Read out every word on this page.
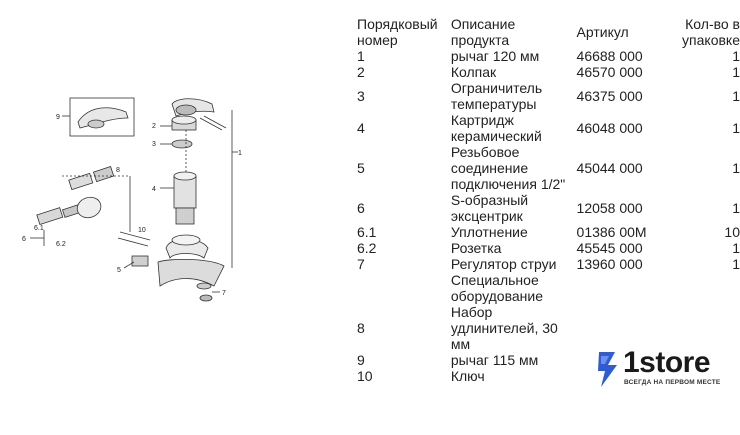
1
2
3
4
5
6
6.1
6.2
7
8
9
10
Порядковый номер	Описание продукта	Артикул	Кол-во в упаковке
1	рычаг 120 мм	46688 000	1
2	Колпак	46570 000	1
3	Ограничитель температуры	46375 000	1
4	Картридж керамический	46048 000	1
5	Резьбовое соединение подключения 1/2"	45044 000	1
6	S-образный эксцентрик	12058 000	1
6.1	Уплотнение	01386 00M	10
6.2	Розетка	45545 000	1
7	Регулятор струи	13960 000	1
	Специальное оборудование		
8	Набор удлинителей, 30 мм		
9	рычаг 115 мм		
10	Ключ			1store
ВСЕГДА НА ПЕРВОМ МЕСТЕ
